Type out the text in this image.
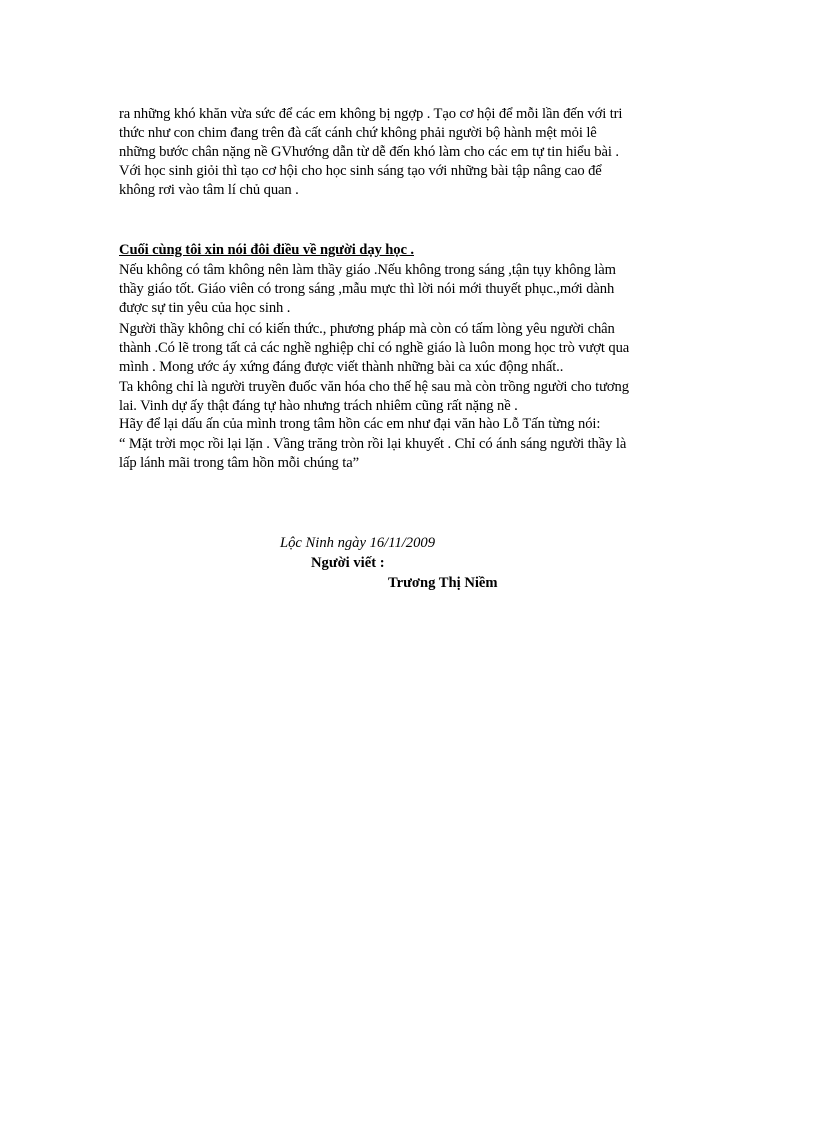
ra những khó khăn vừa sức để các em không bị ngợp . Tạo cơ hội để mỗi lần đến với tri
thức như con chim đang trên đà cất cánh chứ không phải người bộ hành mệt mỏi lê
những bước chân nặng nề GVhướng dẫn từ dễ đến khó làm cho các em tự tin hiểu bài .
Với học sinh giỏi thì tạo cơ hội cho học sinh sáng tạo với những bài tập nâng cao để
không rơi vào tâm lí chủ quan .
Cuối cùng tôi xin nói đôi điều về người dạy học .
Nếu không có tâm không nên làm thầy giáo .Nếu không trong sáng ,tận tụy không làm
thầy giáo tốt. Giáo viên có trong sáng ,mẫu mực thì lời nói mới thuyết phục.,mới dành
được sự tin yêu của học sinh .
Người thầy không chỉ có kiến thức., phương pháp mà còn có tấm lòng yêu người chân
thành .Có lẽ trong tất cả các nghề nghiệp chỉ có nghề giáo là luôn mong học trò vượt qua
mình . Mong ước áy xứng đáng được viết thành những bài ca xúc động nhất..
Ta không chỉ là người truyền đuốc văn hóa cho thế hệ sau mà còn trồng người cho tương
lai. Vinh dự ấy thật đáng tự hào nhưng trách nhiêm cũng rất nặng nề .
Hãy để lại dấu ấn của mình trong tâm hồn các em như đại văn hào Lỗ Tấn từng nói:
“ Mặt trời mọc rồi lại lặn . Vầng trăng tròn rồi lại khuyết . Chỉ có ánh sáng người thầy là
lấp lánh mãi trong tâm hồn mỗi chúng ta”
Lộc Ninh ngày 16/11/2009
Người viết :
Trương Thị Niềm
